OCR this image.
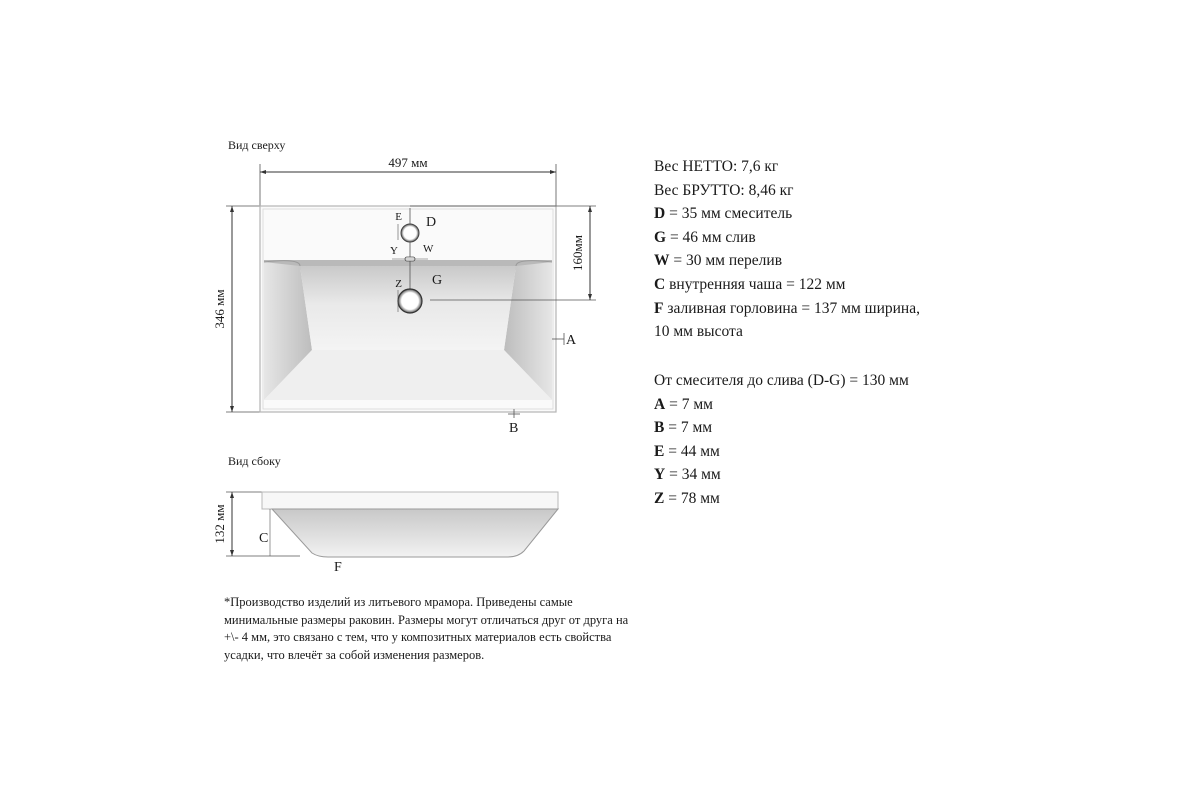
Вид сверху
Вид сбоку
497 мм
346 мм
160мм
E D
Y W
Z G
A
B
132 мм C
F
Вес НЕТТО: 7,6 кг
Вес БРУТТО: 8,46 кг
D = 35 мм смеситель
G = 46 мм слив
W = 30 мм перелив
C внутренняя чаша = 122 мм
F заливная горловина = 137 мм ширина,
10 мм высота
От смесителя до слива (D-G) = 130 мм
A = 7 мм
B = 7 мм
E = 44 мм
Y = 34 мм
Z = 78 мм
*Производство изделий из литьевого мрамора. Приведены самые
минимальные размеры раковин. Размеры могут отличаться друг от друга на
+\- 4 мм, это связано с тем, что у композитных материалов есть свойства
усадки, что влечёт за собой изменения размеров.
